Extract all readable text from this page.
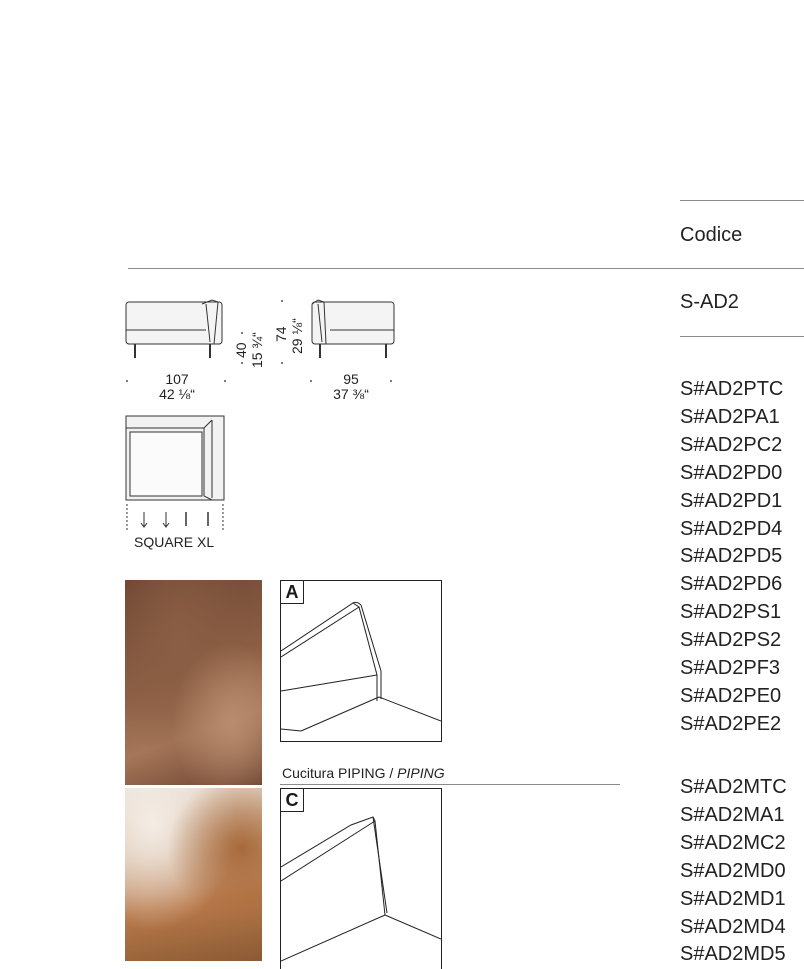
Codice
S-AD2
S#AD2PTC
S#AD2PA1
S#AD2PC2
S#AD2PD0
S#AD2PD1
S#AD2PD4
S#AD2PD5
S#AD2PD6
S#AD2PS1
S#AD2PS2
S#AD2PF3
S#AD2PE0
S#AD2PE2
S#AD2MTC
S#AD2MA1
S#AD2MC2
S#AD2MD0
S#AD2MD1
S#AD2MD4
S#AD2MD5
107
42 ⅛“
95
37 ⅜“
40 15 ¾“ 74 29 ⅛“
SQUARE XL
A
Cucitura PIPING / PIPING
C
